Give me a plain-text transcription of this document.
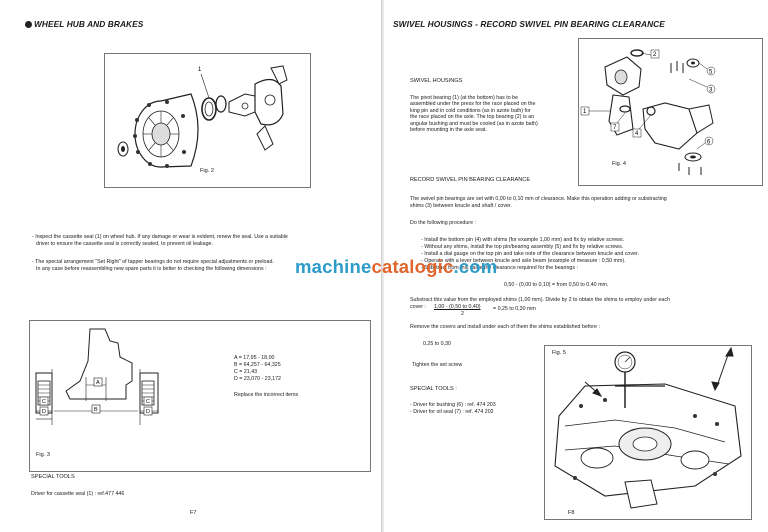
WHEEL HUB AND BRAKES
1
Fig. 2
- Inspect the cassette seal (1) on wheel hub. If any damage or wear is evident, renew the seal. Use a suitable
driver to ensure the cassette seal is correctly seated, to prevent oil leakage.
- The special arrangement "Set Right" of tapper bearings do not require special adjustments or preload.
In any case before reassembling new spare parts it is better to checking the following dimensions :
A
B
C	C
D	D
Fig. 3
A = 17,95 - 18,00
B = 64,257 - 64,325
C = 21,43
D = 23,070 - 23,172
Replace the incorrect items
SPECIAL TOOLS
Driver for cassette seal (1) : ref.477 446
F7
SWIVEL HOUSINGS - RECORD SWIVEL PIN BEARING CLEARANCE
2
5
3
1
7
4
6
Fig. 4
SWIVEL HOUSINGS
The pivot bearing (1) (at the bottom) has to be
assembled under the press for the race placed on the
king pin and in cold conditions (as in azote bath) for
the race placed on the axle. The top bearing (2) is an
angular bushing and must be cooled (as in azote bath)
before mounting in the axle seat.
RECORD SWIVEL PIN BEARING CLEARANCE
The swivel pin bearings are set with 0,00 to 0,10 mm of clearance. Make this operation adding or substracting
shims (3) between knucle and shaft / cover.
Do the following procedure :
- Install the bottom pin (4) with shims (for example 1,00 mm) and fix by relative screws.
- Without any shims, install the top pin/bearing assembly (5) and fix by relative screws.
- Install a dial gauge on the top pin and take note of the clearance between knucle and cover.
- Operate with a lever between knucle and axle beam (example of measure : 0,50 mm).
- Substract from this value the clearance required for the bearings :
0,50 - (0,00 to 0,10) = from 0,50 to 0,40 mm.
Substract this value from the employed shims (1,00 mm). Divide by 2 to obtain the shims to employ under each
cover : 1,00 - (0,50 to 0,40) = 0,25 to 0,30 mm
2
Remove the covers and install under each of them the shims established before :
0,25 to 0,30
Tighten the set screw
SPECIAL TOOLS :
- Driver for bushing (6) : ref. 474 203
- Driver for oil seal (7) : ref. 474 202
Fig. 5
F8
machinecatalogic.com
